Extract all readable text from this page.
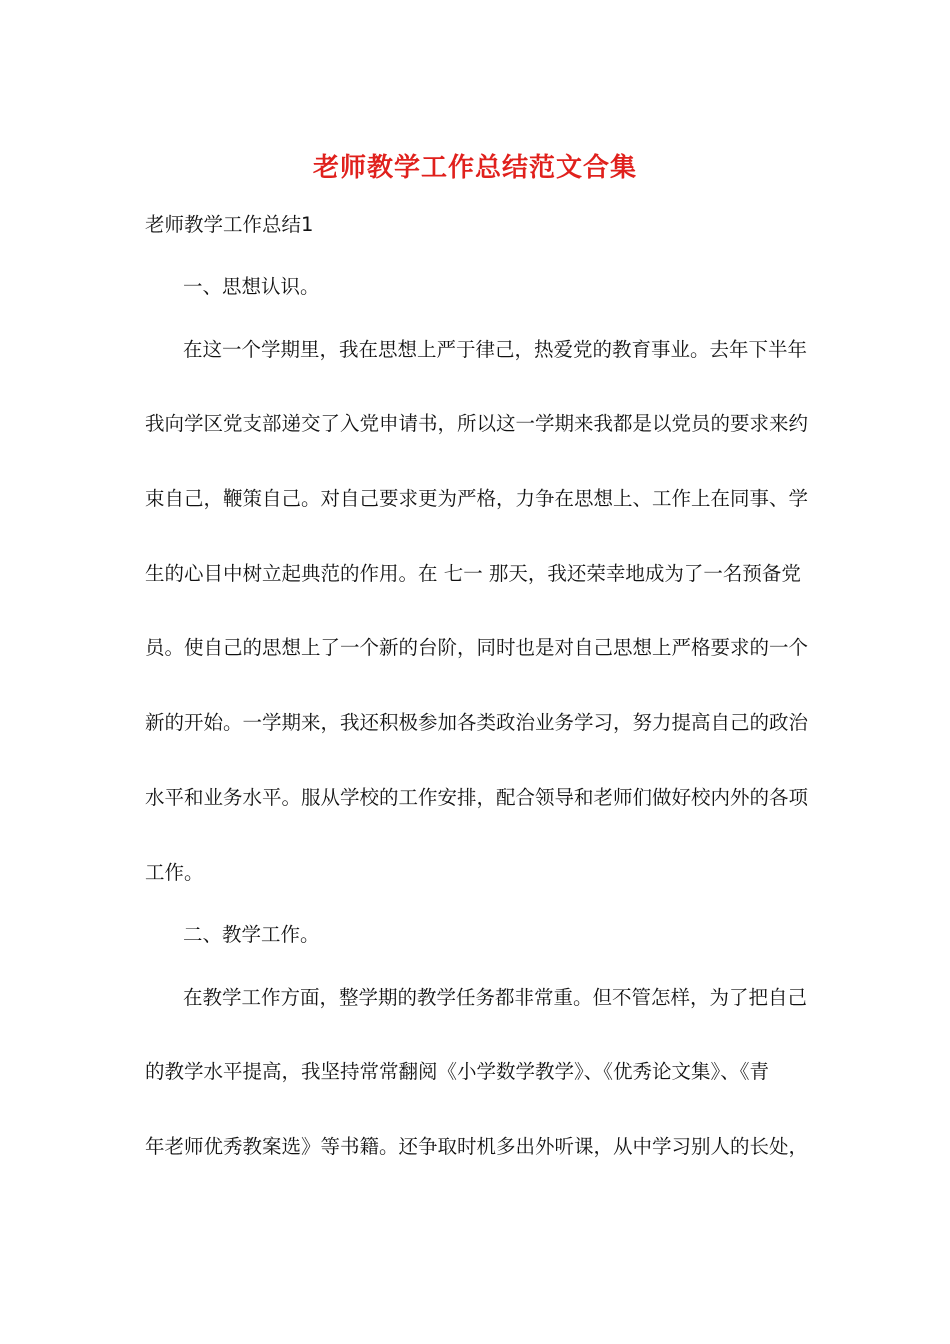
老师教学工作总结范文合集
老师教学工作总结1
一、思想认识。
在这一个学期里，我在思想上严于律己，热爱党的教育事业。去年下半年
我向学区党支部递交了入党申请书，所以这一学期来我都是以党员的要求来约
束自己，鞭策自己。对自己要求更为严格，力争在思想上、工作上在同事、学
生的心目中树立起典范的作用。在 七一 那天，我还荣幸地成为了一名预备党
员。使自己的思想上了一个新的台阶，同时也是对自己思想上严格要求的一个
新的开始。一学期来，我还积极参加各类政治业务学习，努力提高自己的政治
水平和业务水平。服从学校的工作安排，配合领导和老师们做好校内外的各项
工作。
二、教学工作。
在教学工作方面，整学期的教学任务都非常重。但不管怎样，为了把自己
的教学水平提高，我坚持常常翻阅《小学数学教学》、《优秀论文集》、《青
年老师优秀教案选》等书籍。还争取时机多出外听课，从中学习别人的长处，
